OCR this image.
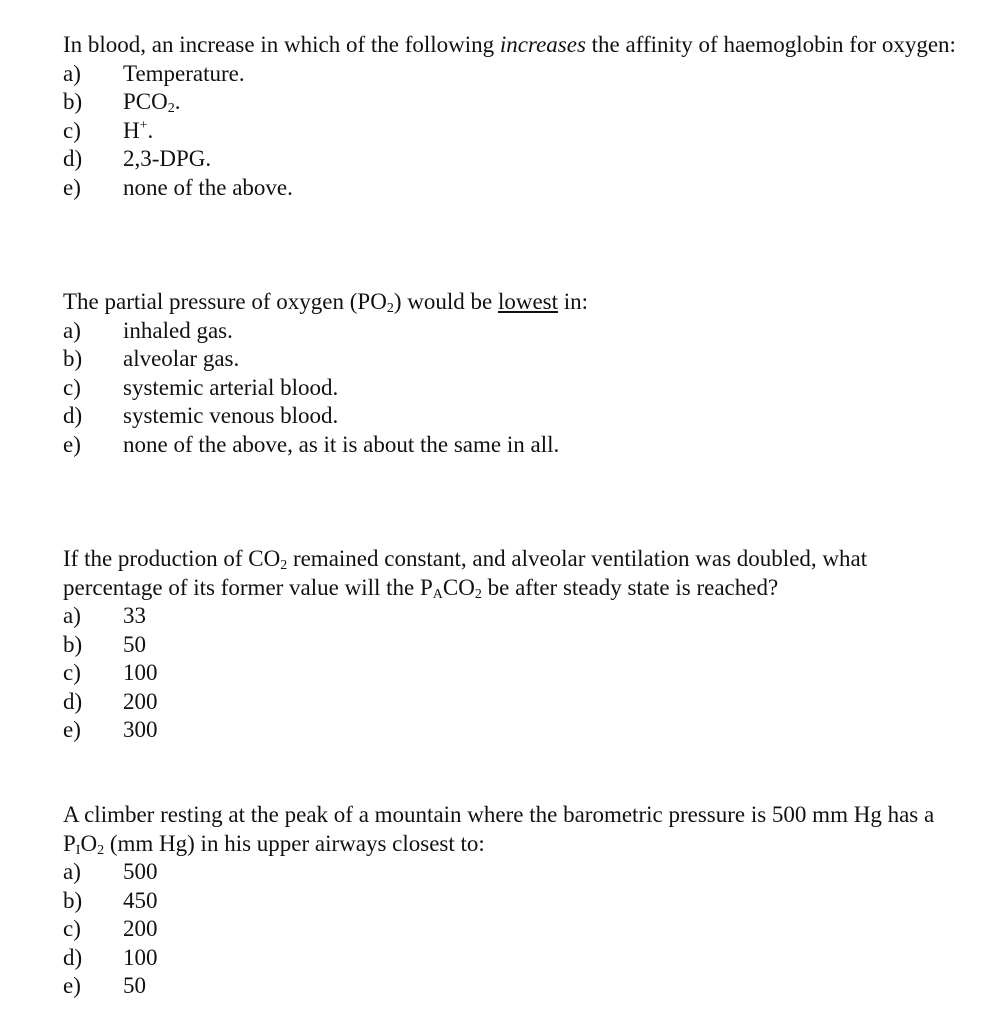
In blood, an increase in which of the following increases the affinity of haemoglobin for oxygen:

a)	Temperature.
b)	$PCO_2$.
c)	H+.
d)	2,3-DPG.
e)	none of the above.

The partial pressure of oxygen $(PO_2)$ would be lowest in:

a)	inhaled gas.
b)	alveolar gas.
c)	systemic arterial blood.
d)	systemic venous blood.
e)	none of the above, as it is about the same in all.

If the production of $CO_2$ remained constant, and alveolar ventilation was doubled, what percentage of its former value will the $P_ACO_2$ be after steady state is reached?

a)	33
b)	50
c)	100
d)	200
e)	300

A climber resting at the peak of a mountain where the barometric pressure is 500 mm Hg has a $P_IO_2$ (mm Hg) in his upper airways closest to:

a)	500
b)	450
c)	200
d)	100
e)	50
